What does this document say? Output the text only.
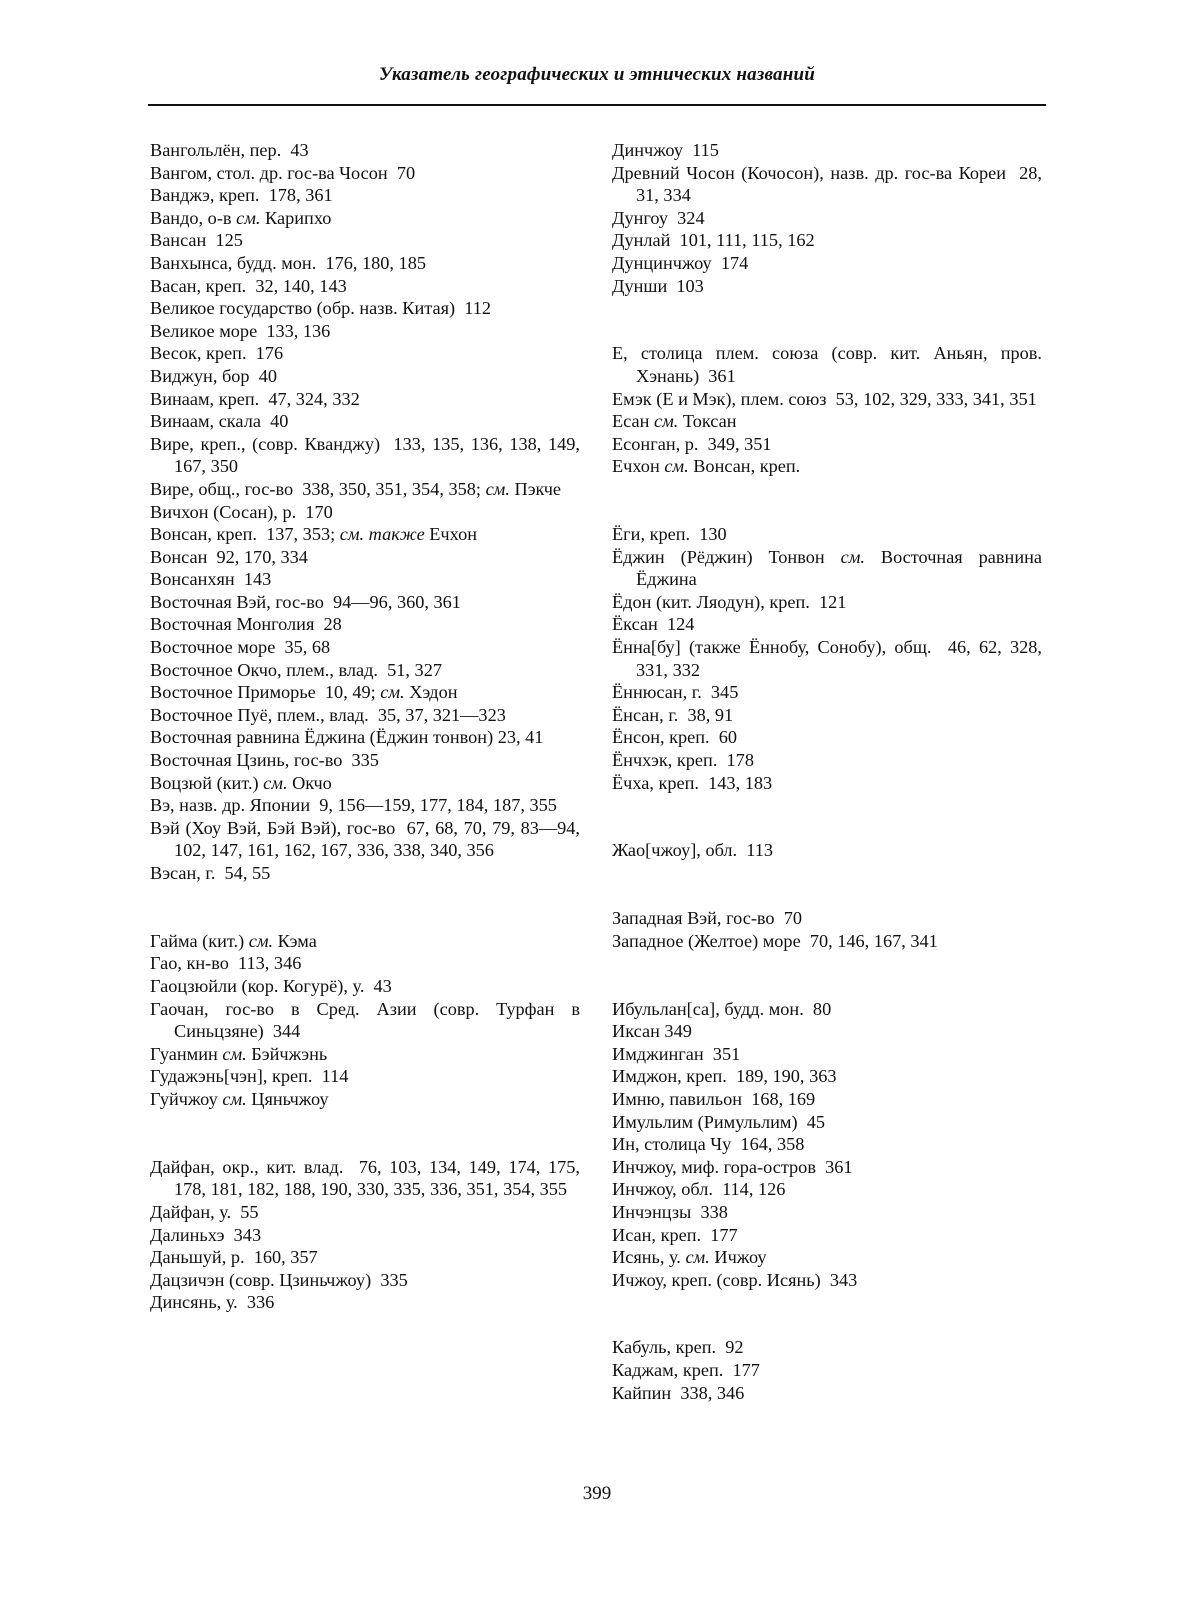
Указатель географических и этнических названий
Вангольлён, пер.  43
Вангом, стол. др. гос-ва Чосон  70
Ванджэ, креп.  178, 361
Вандо, о-в см. Карипхо
Вансан  125
Ванхынса, будд. мон.  176, 180, 185
Васан, креп.  32, 140, 143
Великое государство (обр. назв. Китая)  112
Великое море  133, 136
Весок, креп.  176
Виджун, бор  40
Винаам, креп.  47, 324, 332
Винаам, скала  40
Вире, креп., (совр. Кванджу)  133, 135, 136, 138, 149, 167, 350
Вире, общ., гос-во  338, 350, 351, 354, 358; см. Пэкче
Вичхон (Сосан), р.  170
Вонсан, креп.  137, 353; см. также Ечхон
Вонсан  92, 170, 334
Вонсанхян  143
Восточная Вэй, гос-во  94—96, 360, 361
Восточная Монголия  28
Восточное море  35, 68
Восточное Окчо, плем., влад.  51, 327
Восточное Приморье  10, 49; см. Хэдон
Восточное Пуё, плем., влад.  35, 37, 321—323
Восточная равнина Ёджина (Ёджин тонвон) 23, 41
Восточная Цзинь, гос-во  335
Воцзюй (кит.) см. Окчо
Вэ, назв. др. Японии  9, 156—159, 177, 184, 187, 355
Вэй (Хоу Вэй, Бэй Вэй), гос-во  67, 68, 70, 79, 83—94, 102, 147, 161, 162, 167, 336, 338, 340, 356
Вэсан, г.  54, 55
Гайма (кит.) см. Кэма
Гао, кн-во  113, 346
Гаоцзюйли (кор. Когурё), у.  43
Гаочан, гос-во в Сред. Азии (совр. Турфан в Синьцзяне)  344
Гуанмин см. Бэйчжэнь
Гудажэнь[чэн], креп.  114
Гуйчжоу см. Цяньчжоу
Дайфан, окр., кит. влад.  76, 103, 134, 149, 174, 175, 178, 181, 182, 188, 190, 330, 335, 336, 351, 354, 355
Дайфан, у.  55
Далиньхэ  343
Даньшуй, р.  160, 357
Дацзичэн (совр. Цзиньчжоу)  335
Динсянь, у.  336
Динчжоу  115
Древний Чосон (Кочосон), назв. др. гос-ва Кореи  28, 31, 334
Дунгоу  324
Дунлай  101, 111, 115, 162
Дунцинчжоу  174
Дунши  103
Е, столица плем. союза (совр. кит. Аньян, пров. Хэнань)  361
Емэк (Е и Мэк), плем. союз  53, 102, 329, 333, 341, 351
Есан см. Токсан
Есонган, р.  349, 351
Ечхон см. Вонсан, креп.
Ёги, креп.  130
Ёджин (Рёджин) Тонвон см. Восточная равнина Ёджина
Ёдон (кит. Ляодун), креп.  121
Ёксан  124
Ённа[бу] (также Ённобу, Сонобу), общ.  46, 62, 328, 331, 332
Ённюсан, г.  345
Ёнсан, г.  38, 91
Ёнсон, креп.  60
Ёнчхэк, креп.  178
Ёчха, креп.  143, 183
Жао[чжоу], обл.  113
Западная Вэй, гос-во  70
Западное (Желтое) море  70, 146, 167, 341
Ибульлан[са], будд. мон.  80
Иксан 349
Имджинган  351
Имджон, креп.  189, 190, 363
Имню, павильон  168, 169
Имульлим (Римульлим)  45
Ин, столица Чу  164, 358
Инчжоу, миф. гора-остров  361
Инчжоу, обл.  114, 126
Инчэнцзы  338
Исан, креп.  177
Исянь, у. см. Ичжоу
Ичжоу, креп. (совр. Исянь)  343
Кабуль, креп.  92
Каджам, креп.  177
Кайпин  338, 346
399
